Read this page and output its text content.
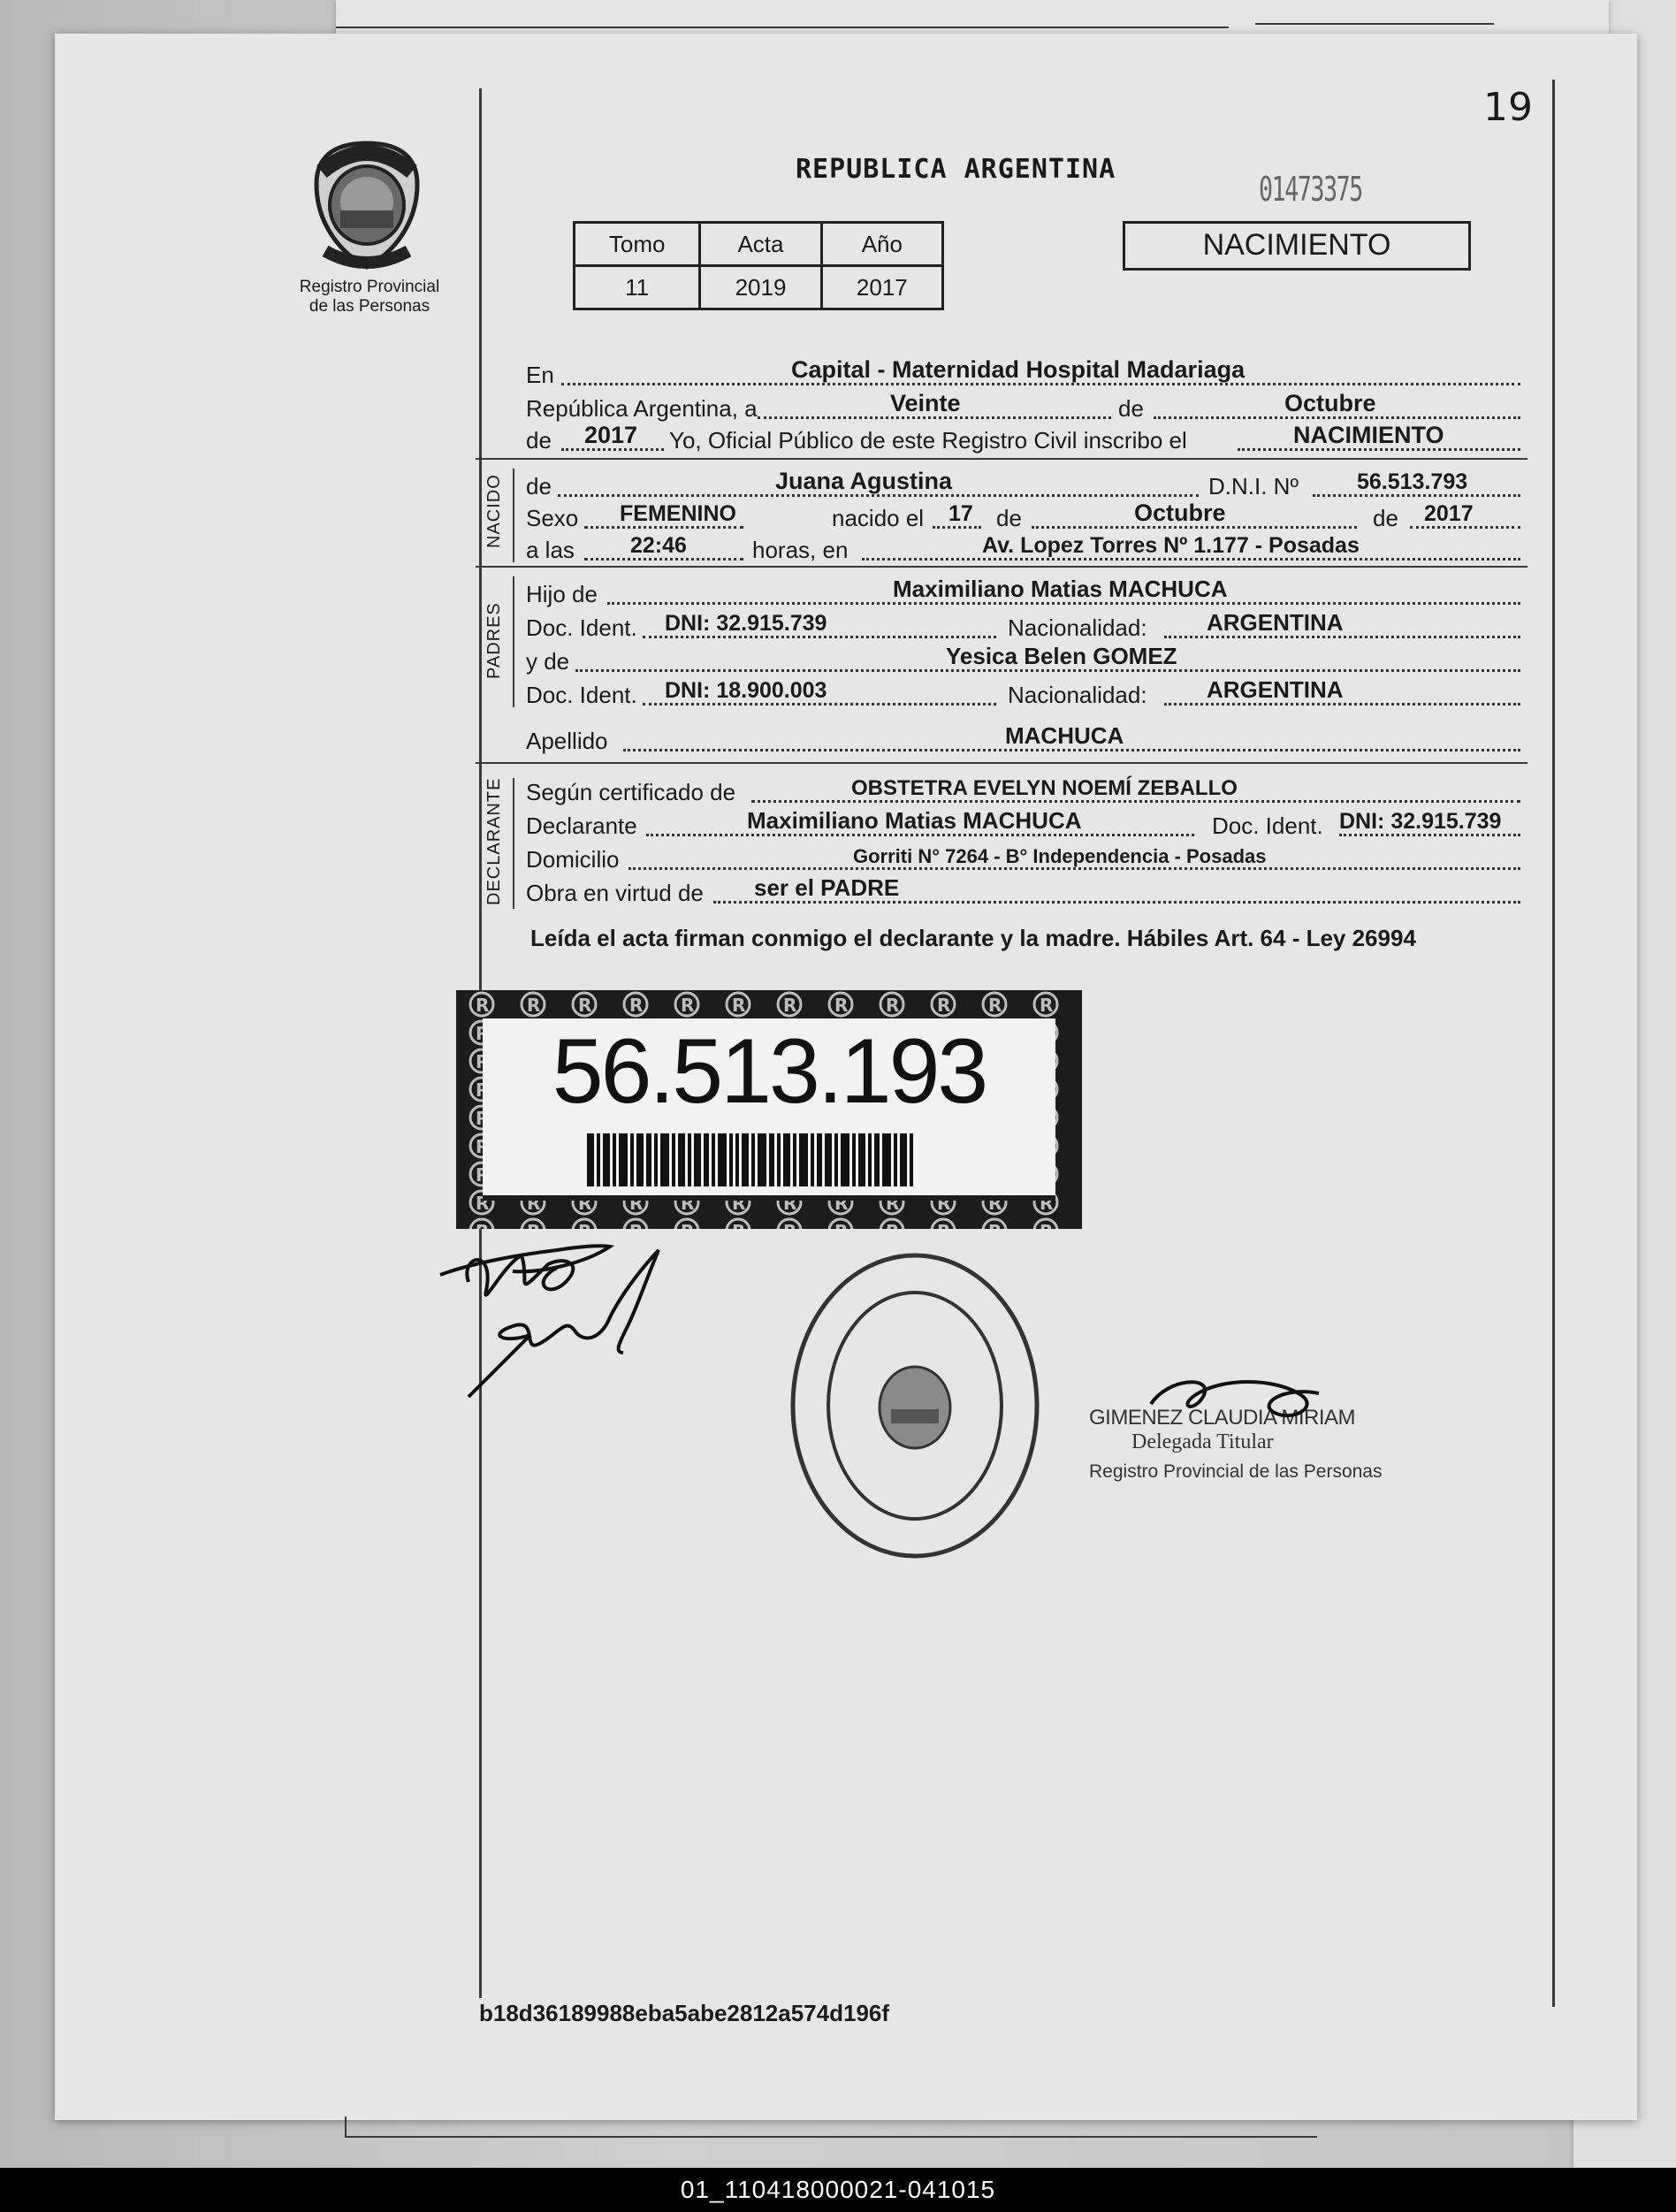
19
Registro Provincial
de las Personas
REPUBLICA ARGENTINA
01473375
Tomo	Acta	Año
11	2019	2017
NACIMIENTO
En	Capital - Maternidad Hospital Madariaga
República Argentina, a	Veinte	de	Octubre
de 2017 Yo, Oficial Público de este Registro Civil inscribo el	NACIMIENTO
NACIDO de	Juana Agustina	D.N.I. Nº	56.513.793
Sexo FEMENINO	nacido el 17 de	Octubre	de 2017
a las	22:46	horas, en	Av. Lopez Torres Nº 1.177 - Posadas
PADRES
Hijo de	Maximiliano Matias MACHUCA
Doc. Ident. DNI: 32.915.739	Nacionalidad:	ARGENTINA
y de	Yesica Belen GOMEZ
Doc. Ident. DNI: 18.900.003	Nacionalidad:	ARGENTINA
Apellido	MACHUCA
DECLARANTE Según certificado de	OBSTETRA EVELYN NOEMÍ ZEBALLO
Declarante	Maximiliano Matias MACHUCA	Doc. Ident. DNI: 32.915.739
Domicilio	Gorriti N° 7264 - B° Independencia - Posadas
Obra en virtud de ser el PADRE
Leída el acta firman conmigo el declarante y la madre. Hábiles Art. 64 - Ley 26994
56.513.193
GIMENEZ CLAUDIA MIRIAM
Delegada Titular
Registro Provincial de las Personas
b18d36189988eba5abe2812a574d196f
01_110418000021-041015
